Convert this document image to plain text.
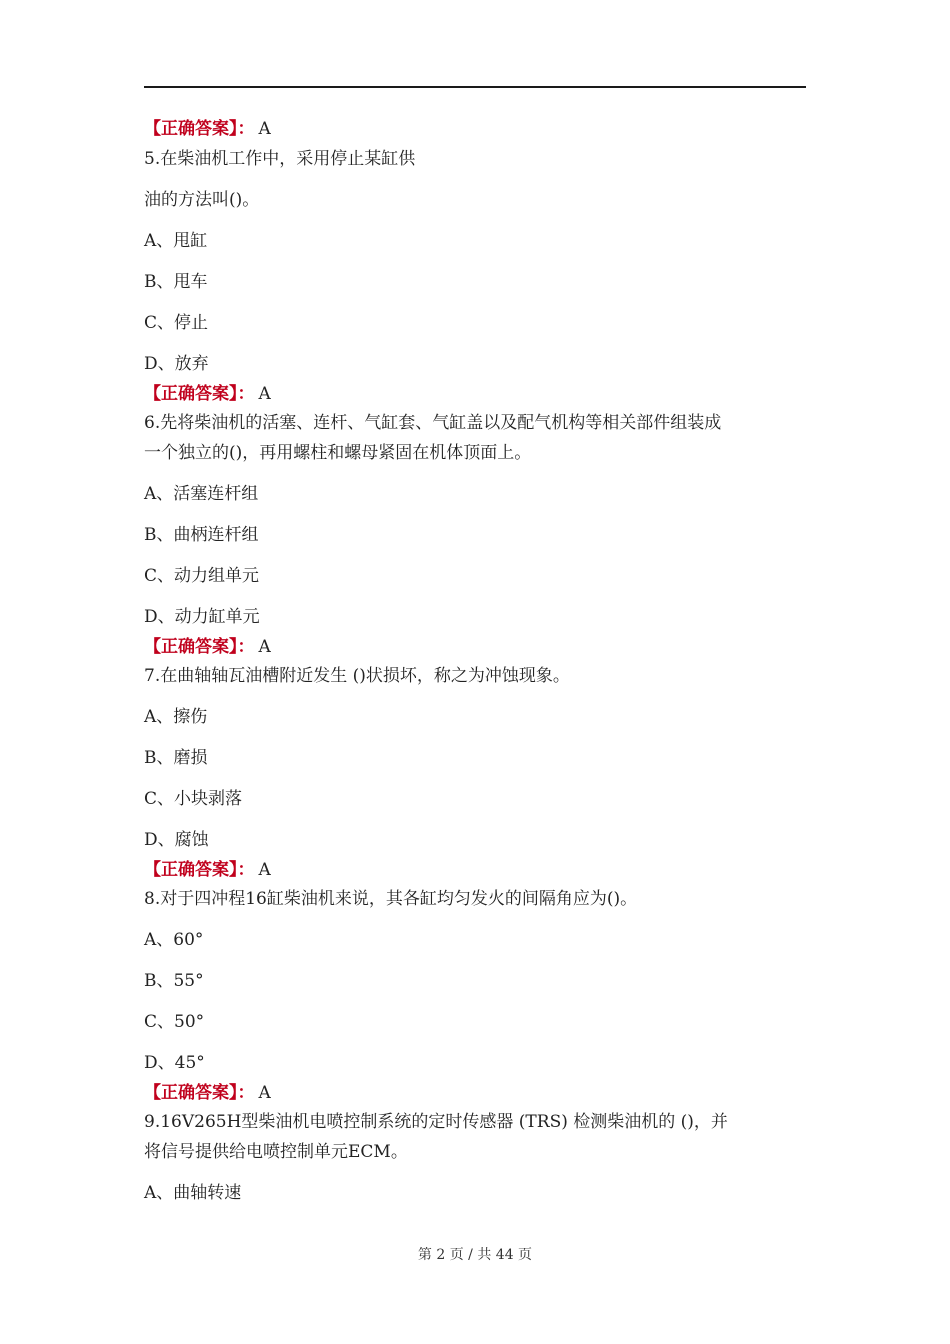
【正确答案】： A
5.在柴油机工作中，采用停止某缸供
油的方法叫()。
A、甩缸
B、甩车
C、停止
D、放弃
【正确答案】： A
6.先将柴油机的活塞、连杆、气缸套、气缸盖以及配气机构等相关部件组装成
一个独立的()，再用螺柱和螺母紧固在机体顶面上。
A、活塞连杆组
B、曲柄连杆组
C、动力组单元
D、动力缸单元
【正确答案】： A
7.在曲轴轴瓦油槽附近发生 ()状损坏，称之为冲蚀现象。
A、擦伤
B、磨损
C、小块剥落
D、腐蚀
【正确答案】： A
8.对于四冲程16缸柴油机来说，其各缸均匀发火的间隔角应为()。
A、60°
B、55°
C、50°
D、45°
【正确答案】： A
9.16V265H型柴油机电喷控制系统的定时传感器 (TRS) 检测柴油机的 ()，并
将信号提供给电喷控制单元ECM。
A、曲轴转速
第 2 页 / 共 44 页
